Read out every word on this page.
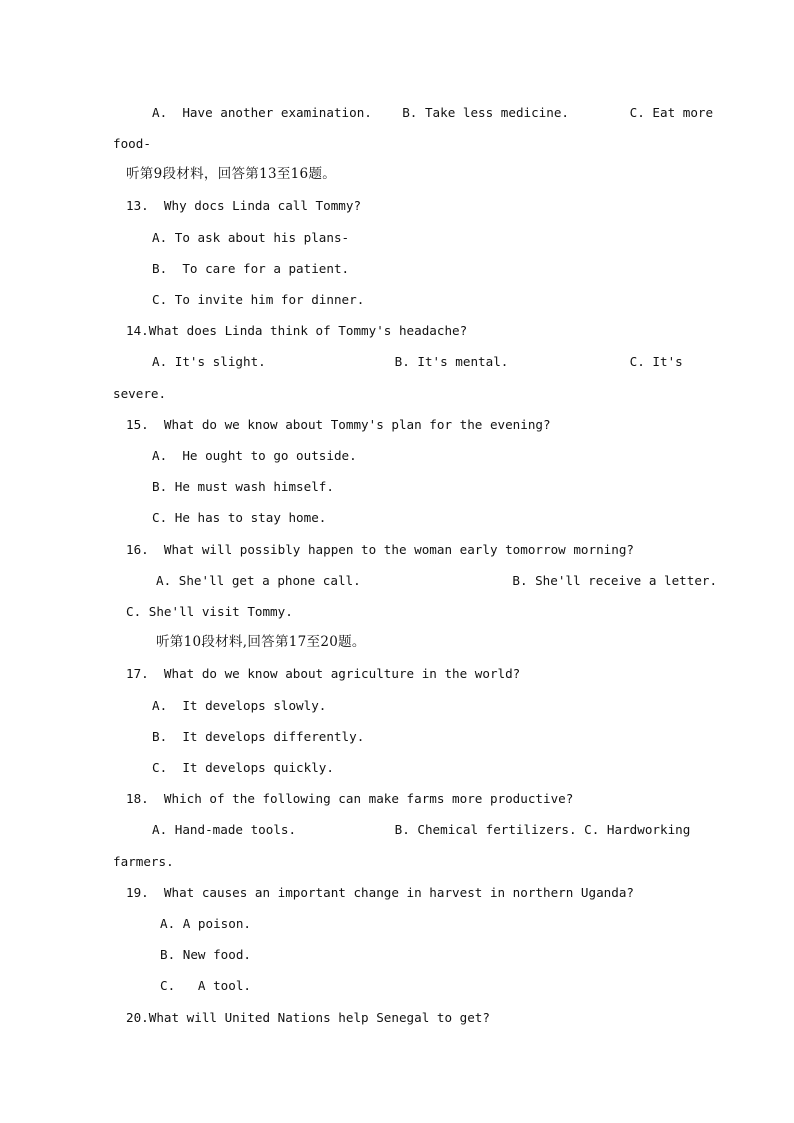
A.  Have another examination.    B. Take less medicine.        C. Eat more
food-
听第9段材料，回答第13至16题。
13.  Why docs Linda call Tommy?
A. To ask about his plans-
B.  To care for a patient.
C. To invite him for dinner.
14.What does Linda think of Tommy's headache?
A. It's slight.                 B. It's mental.                C. It's
severe.
15.  What do we know about Tommy's plan for the evening?
A.  He ought to go outside.
B. He must wash himself.
C. He has to stay home.
16.  What will possibly happen to the woman early tomorrow morning?
A. She'll get a phone call.                    B. She'll receive a letter.
C. She'll visit Tommy.
听第10段材料,回答第17至20题。
17.  What do we know about agriculture in the world?
A.  It develops slowly.
B.  It develops differently.
C.  It develops quickly.
18.  Which of the following can make farms more productive?
A. Hand-made tools.             B. Chemical fertilizers. C. Hardworking
farmers.
19.  What causes an important change in harvest in northern Uganda?
A. A poison.
B. New food.
C.   A tool.
20.What will United Nations help Senegal to get?
